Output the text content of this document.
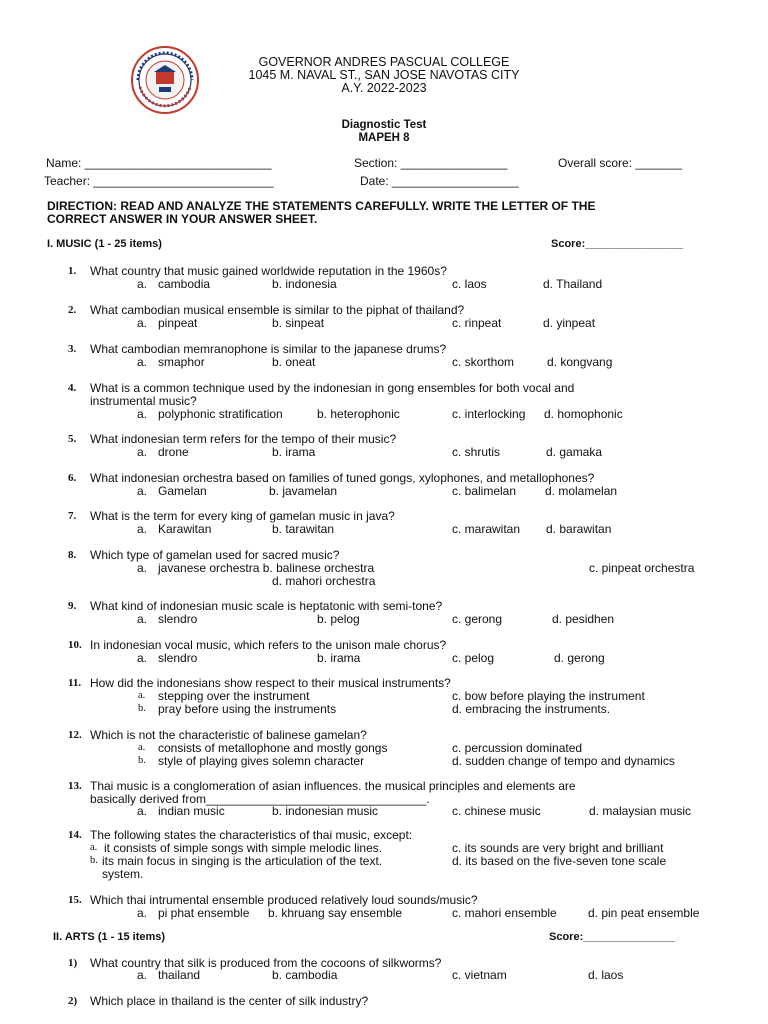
GOVERNOR ANDRES PASCUAL COLLEGE
1045 M. NAVAL ST., SAN JOSE NAVOTAS CITY
A.Y. 2022-2023
Diagnostic Test
MAPEH 8
Name: ____________________________	Section: ________________	Overall score: _______
Teacher: ___________________________	Date: ___________________
DIRECTION: READ AND ANALYZE THE STATEMENTS CAREFULLY. WRITE THE LETTER OF THE
CORRECT ANSWER IN YOUR ANSWER SHEET.
I. MUSIC (1 - 25 items)	Score:________________
1. What country that music gained worldwide reputation in the 1960s?
a. cambodia	b. indonesia	c. laos	d. Thailand
2. What cambodian musical ensemble is similar to the piphat of thailand?
a. pinpeat	b. sinpeat	c. rinpeat	d. yinpeat
3. What cambodian memranophone is similar to the japanese drums?
a. smaphor	b. oneat	c. skorthom	d. kongvang
4. What is a common technique used by the indonesian in gong ensembles for both vocal and
instrumental music?
a. polyphonic stratification	b. heterophonic	c. interlocking d. homophonic
5. What indonesian term refers for the tempo of their music?
a. drone	b. irama	c. shrutis	d. gamaka
6. What indonesian orchestra based on families of tuned gongs, xylophones, and metallophones?
a. Gamelan	b. javamelan	c. balimelan d. molamelan
7. What is the term for every king of gamelan music in java?
a. Karawitan	b. tarawitan	c. marawitan d. barawitan
8. Which type of gamelan used for sacred music?
a. javanese orchestra b. balinese orchestra	c. pinpeat orchestra
d. mahori orchestra
9. What kind of indonesian music scale is heptatonic with semi-tone?
a. slendro	b. pelog	c. gerong	d. pesidhen
10. In indonesian vocal music, which refers to the unison male chorus?
a. slendro	b. irama	c. pelog	d. gerong
11. How did the indonesians show respect to their musical instruments?
a. stepping over the instrument	c. bow before playing the instrument
b. pray before using the instruments	d. embracing the instruments.
12. Which is not the characteristic of balinese gamelan?
a. consists of metallophone and mostly gongs	c. percussion dominated
b. style of playing gives solemn character	d. sudden change of tempo and dynamics
13. Thai music is a conglomeration of asian influences. the musical principles and elements are
basically derived from_________________________________.
a. indian music	b. indonesian music	c. chinese music	d. malaysian music
14. The following states the characteristics of thai music, except:
a. it consists of simple songs with simple melodic lines.	c. its sounds are very bright and brilliant
b. its main focus in singing is the articulation of the text.	d. its based on the five-seven tone scale
system.
15. Which thai intrumental ensemble produced relatively loud sounds/music?
a. pi phat ensemble b. khruang say ensemble	c. mahori ensemble	d. pin peat ensemble
II. ARTS (1 - 15 items)	Score:_______________
1) What country that silk is produced from the cocoons of silkworms?
a. thailand	b. cambodia	c. vietnam	d. laos
2) Which place in thailand is the center of silk industry?
